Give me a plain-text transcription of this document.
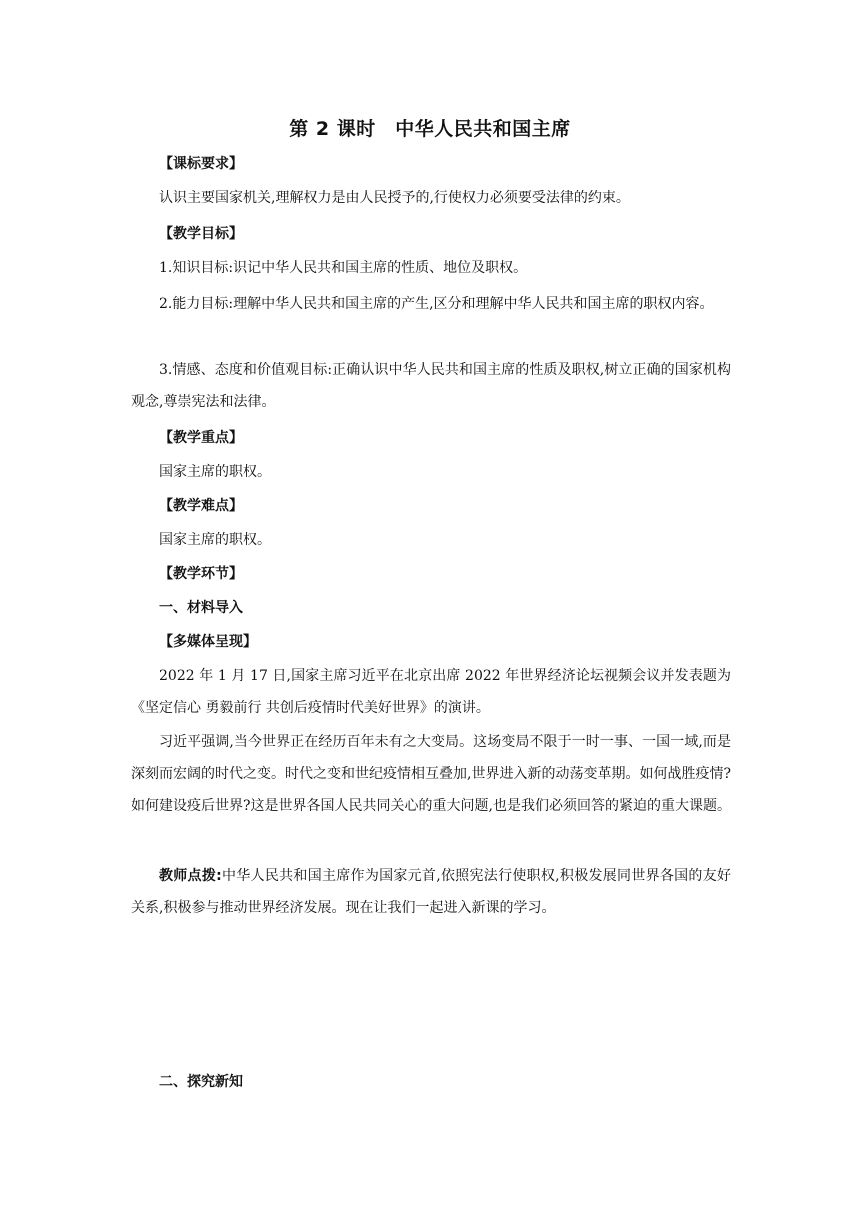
第 2 课时　中华人民共和国主席
【课标要求】
认识主要国家机关,理解权力是由人民授予的,行使权力必须要受法律的约束。
【教学目标】
1.知识目标:识记中华人民共和国主席的性质、地位及职权。
2.能力目标:理解中华人民共和国主席的产生,区分和理解中华人民共和国主席的职权内容。
3.情感、态度和价值观目标:正确认识中华人民共和国主席的性质及职权,树立正确的国家机构观念,尊崇宪法和法律。
【教学重点】
国家主席的职权。
【教学难点】
国家主席的职权。
【教学环节】
一、材料导入
【多媒体呈现】
2022 年 1 月 17 日,国家主席习近平在北京出席 2022 年世界经济论坛视频会议并发表题为《坚定信心 勇毅前行 共创后疫情时代美好世界》的演讲。
习近平强调,当今世界正在经历百年未有之大变局。这场变局不限于一时一事、一国一域,而是深刻而宏阔的时代之变。时代之变和世纪疫情相互叠加,世界进入新的动荡变革期。如何战胜疫情?如何建设疫后世界?这是世界各国人民共同关心的重大问题,也是我们必须回答的紧迫的重大课题。
教师点拨:中华人民共和国主席作为国家元首,依照宪法行使职权,积极发展同世界各国的友好关系,积极参与推动世界经济发展。现在让我们一起进入新课的学习。
二、探究新知
